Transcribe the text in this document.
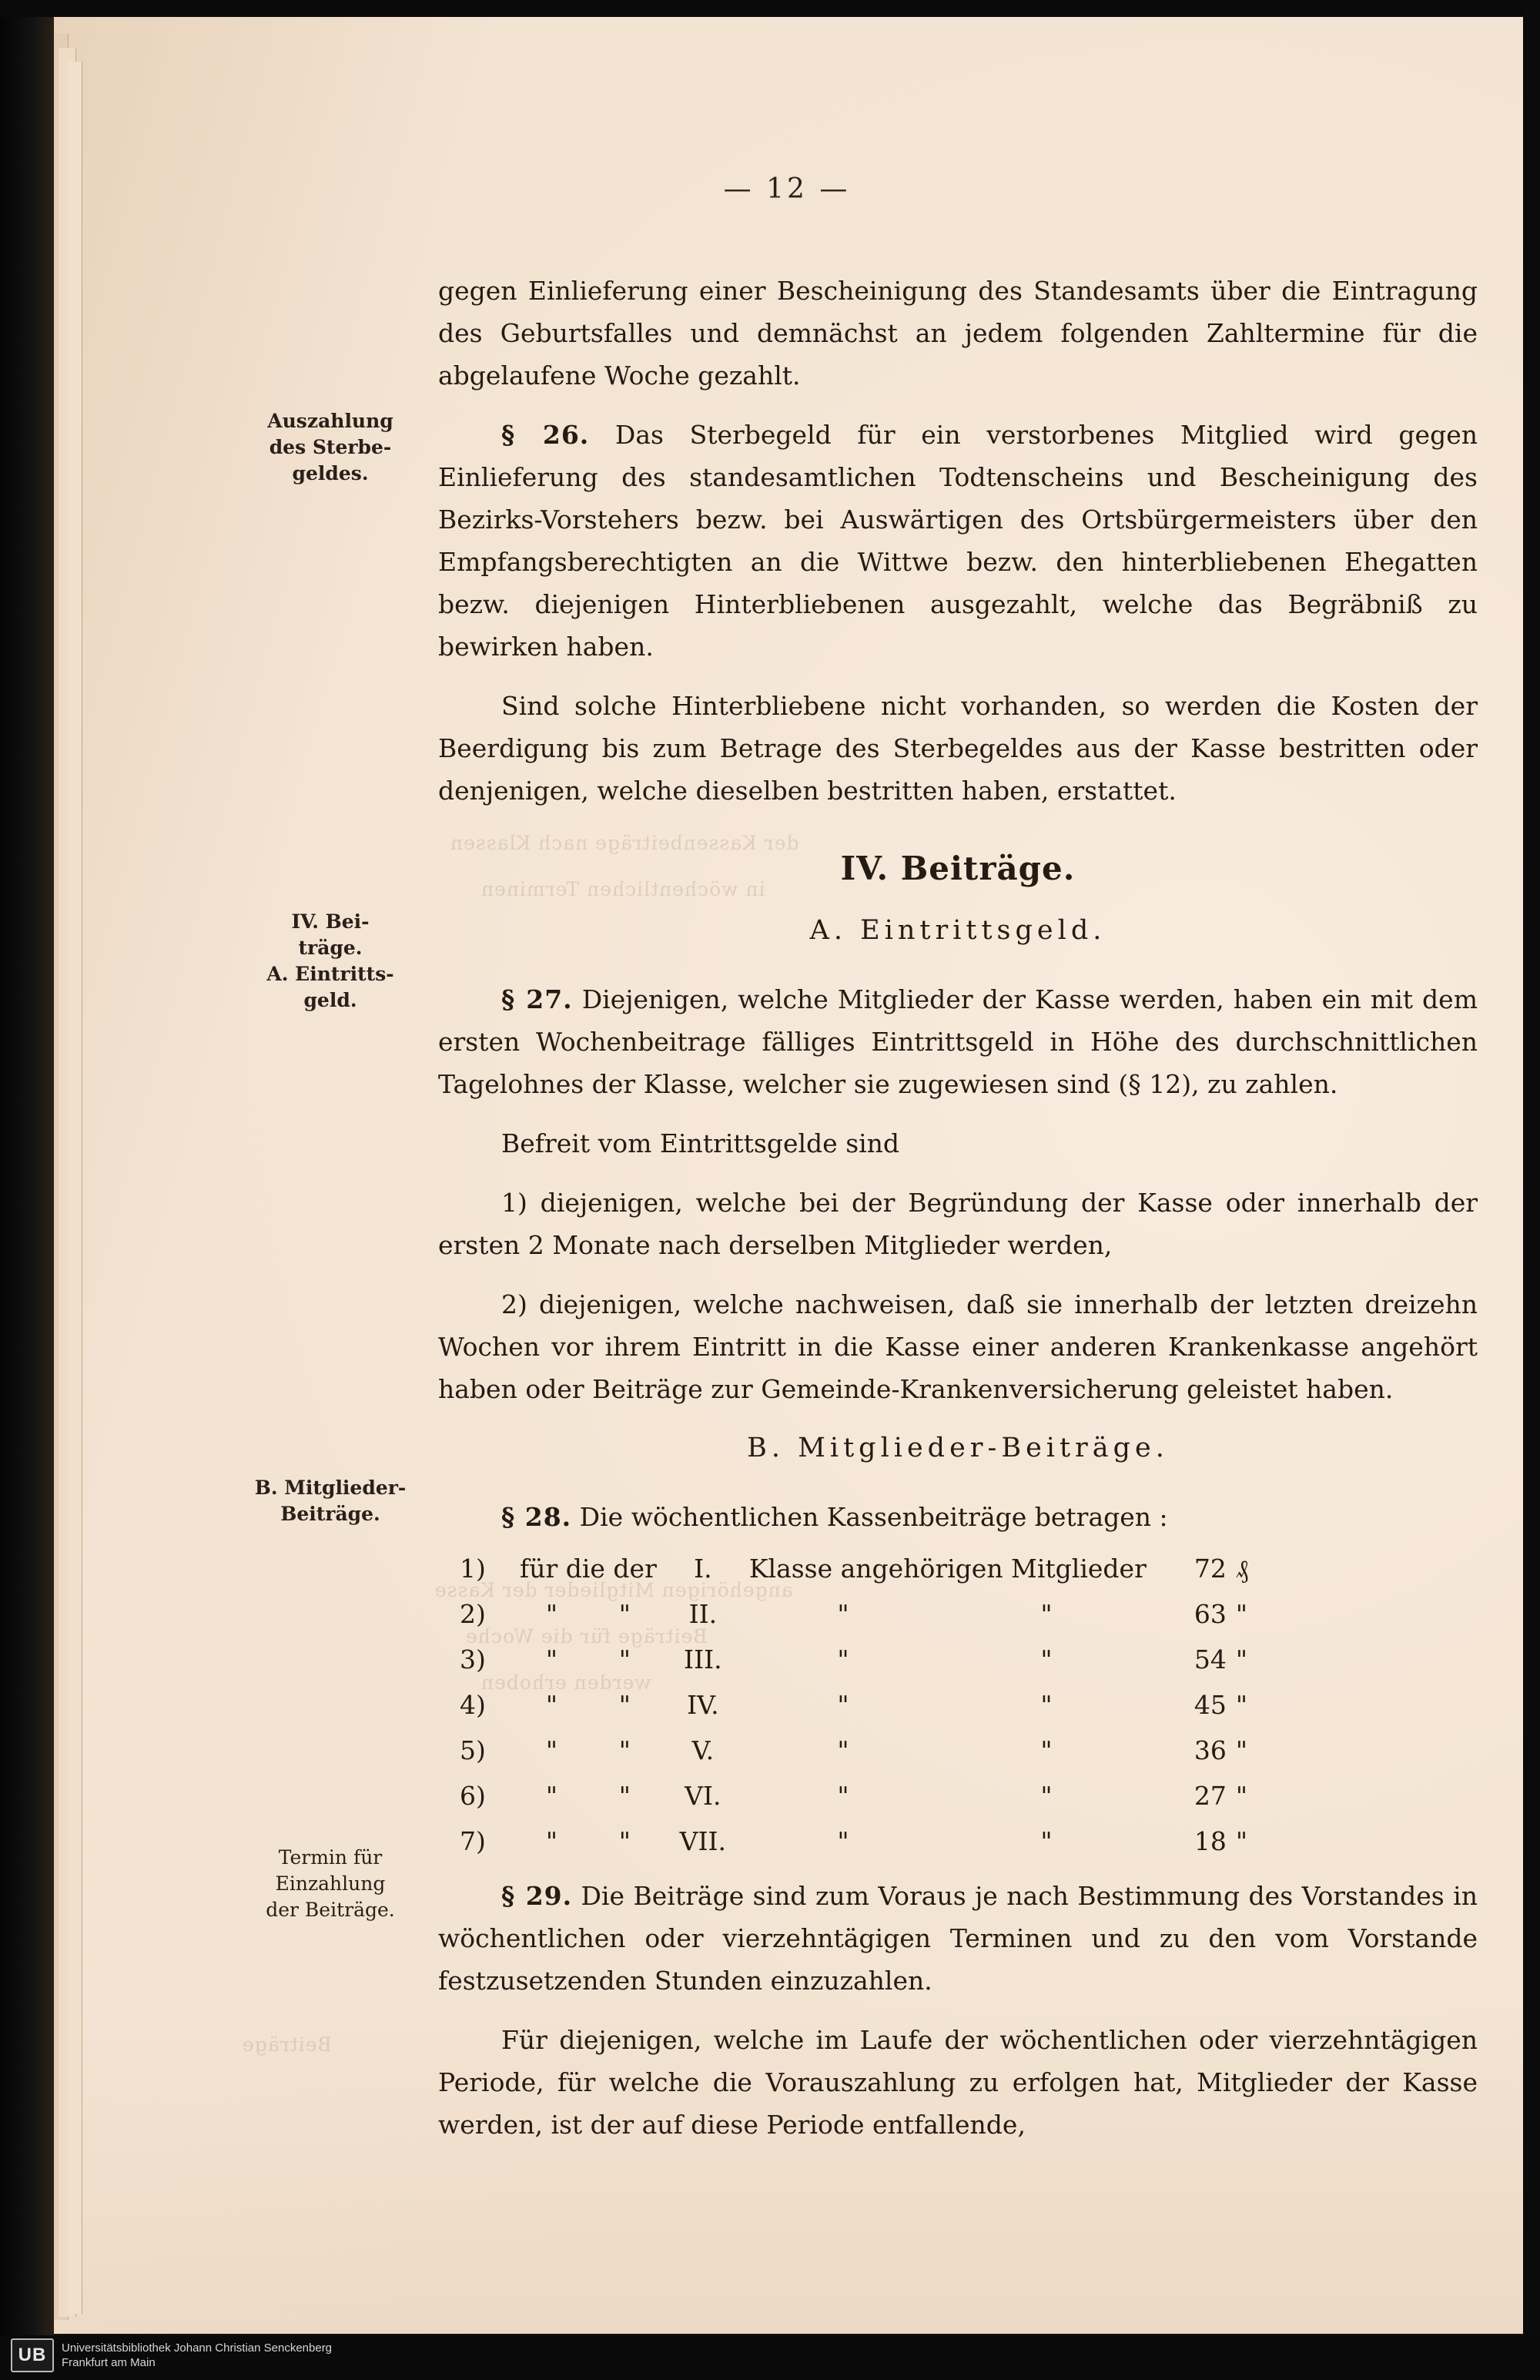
der Kassenbeiträge nach Klassen
in wöchentlichen Terminen
angehörigen Mitglieder der Kasse
Beiträge für die Woche
werden erhoben
Beiträge
— 12 —
Auszahlung
des Sterbe-
geldes.
IV. Bei-
träge.
A. Eintritts-
geld.
B. Mitglieder-
Beiträge.
Termin für
Einzahlung
der Beiträge.

gegen Einlieferung einer Bescheinigung des Standesamts über die Eintragung des Geburtsfalles und demnächst an jedem folgenden Zahltermine für die abgelaufene Woche gezahlt.

§ 26. Das Sterbegeld für ein verstorbenes Mitglied wird gegen Einlieferung des standesamtlichen Todtenscheins und Bescheinigung des Bezirks-Vorstehers bezw. bei Auswärtigen des Ortsbürgermeisters über den Empfangsberechtigten an die Wittwe bezw. den hinterbliebenen Ehegatten bezw. diejenigen Hinterbliebenen ausgezahlt, welche das Begräbniß zu bewirken haben.

Sind solche Hinterbliebene nicht vorhanden, so werden die Kosten der Beerdigung bis zum Betrage des Sterbegeldes aus der Kasse bestritten oder denjenigen, welche dieselben bestritten haben, erstattet.

IV. Beiträge.
A. Eintrittsgeld.

§ 27. Diejenigen, welche Mitglieder der Kasse werden, haben ein mit dem ersten Wochenbeitrage fälliges Eintrittsgeld in Höhe des durchschnittlichen Tagelohnes der Klasse, welcher sie zugewiesen sind (§ 12), zu zahlen.

Befreit vom Eintrittsgelde sind

1) diejenigen, welche bei der Begründung der Kasse oder innerhalb der ersten 2 Monate nach derselben Mitglieder werden,

2) diejenigen, welche nachweisen, daß sie innerhalb der letzten dreizehn Wochen vor ihrem Eintritt in die Kasse einer anderen Krankenkasse angehört haben oder Beiträge zur Gemeinde-Krankenversicherung geleistet haben.

B. Mitglieder-Beiträge.

§ 28. Die wöchentlichen Kassenbeiträge betragen :

1)	für die der		I.	Klasse angehörigen Mitglieder		72	₰
2)	"	"	II.	"	"	63	"
3)	"	"	III.	"	"	54	"
4)	"	"	IV.	"	"	45	"
5)	"	"	V.	"	"	36	"
6)	"	"	VI.	"	"	27	"
7)	"	"	VII.	"	"	18	"

§ 29. Die Beiträge sind zum Voraus je nach Bestimmung des Vorstandes in wöchentlichen oder vierzehntägigen Terminen und zu den vom Vorstande festzusetzenden Stunden einzuzahlen.

Für diejenigen, welche im Laufe der wöchentlichen oder vierzehntägigen Periode, für welche die Vorauszahlung zu erfolgen hat, Mitglieder der Kasse werden, ist der auf diese Periode entfallende,

UB	Universitätsbibliothek Johann Christian Senckenberg
Frankfurt am Main
